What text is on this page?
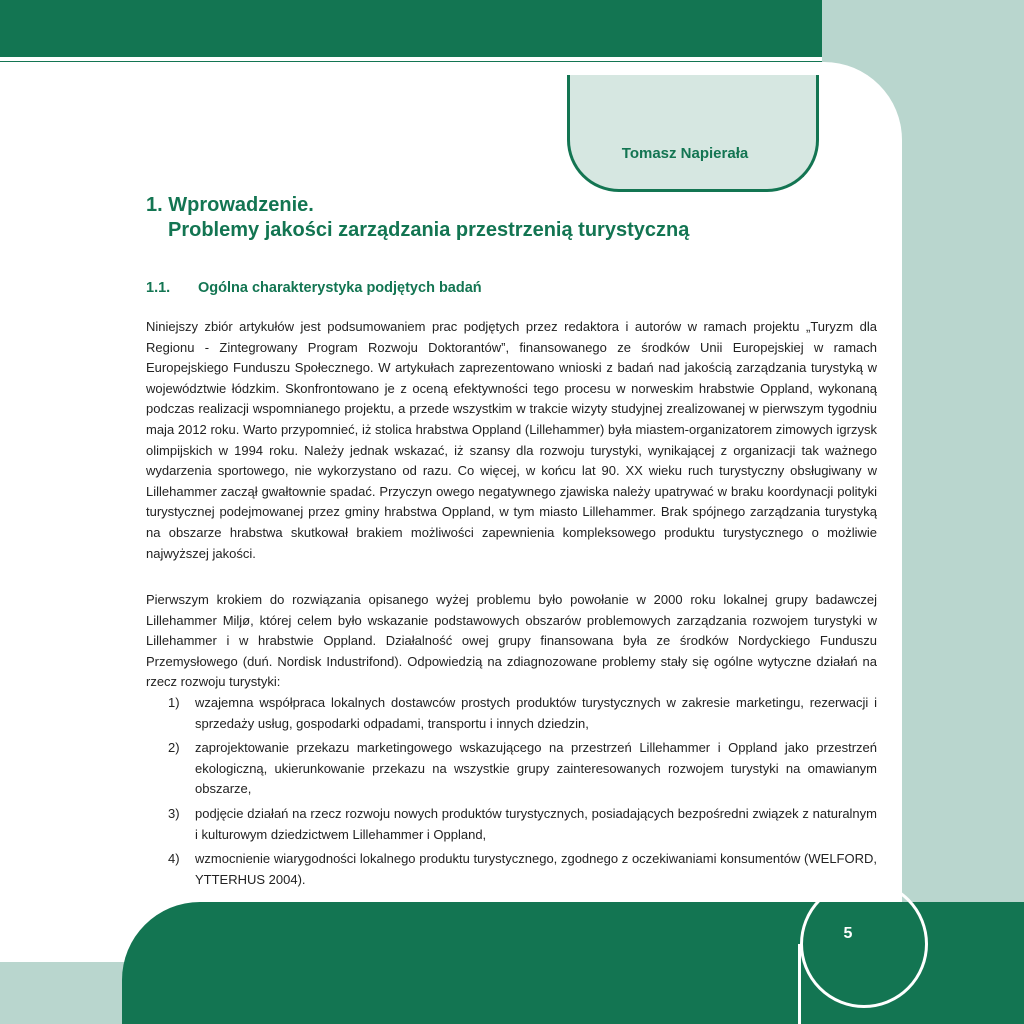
Tomasz Napierała
5
1. Wprowadzenie.
Problemy jakości zarządzania przestrzenią turystyczną
1.1. Ogólna charakterystyka podjętych badań
Niniejszy zbiór artykułów jest podsumowaniem prac podjętych przez redaktora i autorów w ramach projektu „Turyzm dla Regionu - Zintegrowany Program Rozwoju Doktorantów”, finansowanego ze środków Unii Europejskiej w ramach Europejskiego Funduszu Społecznego. W artykułach zaprezentowano wnioski z badań nad jakością zarządzania turystyką w województwie łódzkim. Skonfrontowano je z oceną efektywności tego procesu w norweskim hrabstwie Oppland, wykonaną podczas realizacji wspomnianego projektu, a przede wszystkim w trakcie wizyty studyjnej zrealizowanej w pierwszym tygodniu maja 2012 roku. Warto przypomnieć, iż stolica hrabstwa Oppland (Lillehammer) była miastem-organizatorem zimowych igrzysk olimpijskich w 1994 roku. Należy jednak wskazać, iż szansy dla rozwoju turystyki, wynikającej z organizacji tak ważnego wydarzenia sportowego, nie wykorzystano od razu. Co więcej, w końcu lat 90. XX wieku ruch turystyczny obsługiwany w Lillehammer zaczął gwałtownie spadać. Przyczyn owego negatywnego zjawiska należy upatrywać w braku koordynacji polityki turystycznej podejmowanej przez gminy hrabstwa Oppland, w tym miasto Lillehammer. Brak spójnego zarządzania turystyką na obszarze hrabstwa skutkował brakiem możliwości zapewnienia kompleksowego produktu turystycznego o możliwie najwyższej jakości.
Pierwszym krokiem do rozwiązania opisanego wyżej problemu było powołanie w 2000 roku lokalnej grupy badawczej Lillehammer Miljø, której celem było wskazanie podstawowych obszarów problemowych zarządzania rozwojem turystyki w Lillehammer i w hrabstwie Oppland. Działalność owej grupy finansowana była ze środków Nordyckiego Funduszu Przemysłowego (duń. Nordisk Industrifond). Odpowiedzią na zdiagnozowane problemy stały się ogólne wytyczne działań na rzecz rozwoju turystyki:
1) wzajemna współpraca lokalnych dostawców prostych produktów turystycznych w zakresie marketingu, rezerwacji i sprzedaży usług, gospodarki odpadami, transportu i innych dziedzin,
2) zaprojektowanie przekazu marketingowego wskazującego na przestrzeń Lillehammer i Oppland jako przestrzeń ekologiczną, ukierunkowanie przekazu na wszystkie grupy zainteresowanych rozwojem turystyki na omawianym obszarze,
3) podjęcie działań na rzecz rozwoju nowych produktów turystycznych, posiadających bezpośredni związek z naturalnym i kulturowym dziedzictwem Lillehammer i Oppland,
4) wzmocnienie wiarygodności lokalnego produktu turystycznego, zgodnego z oczekiwaniami konsumentów (WELFORD, YTTERHUS 2004).
